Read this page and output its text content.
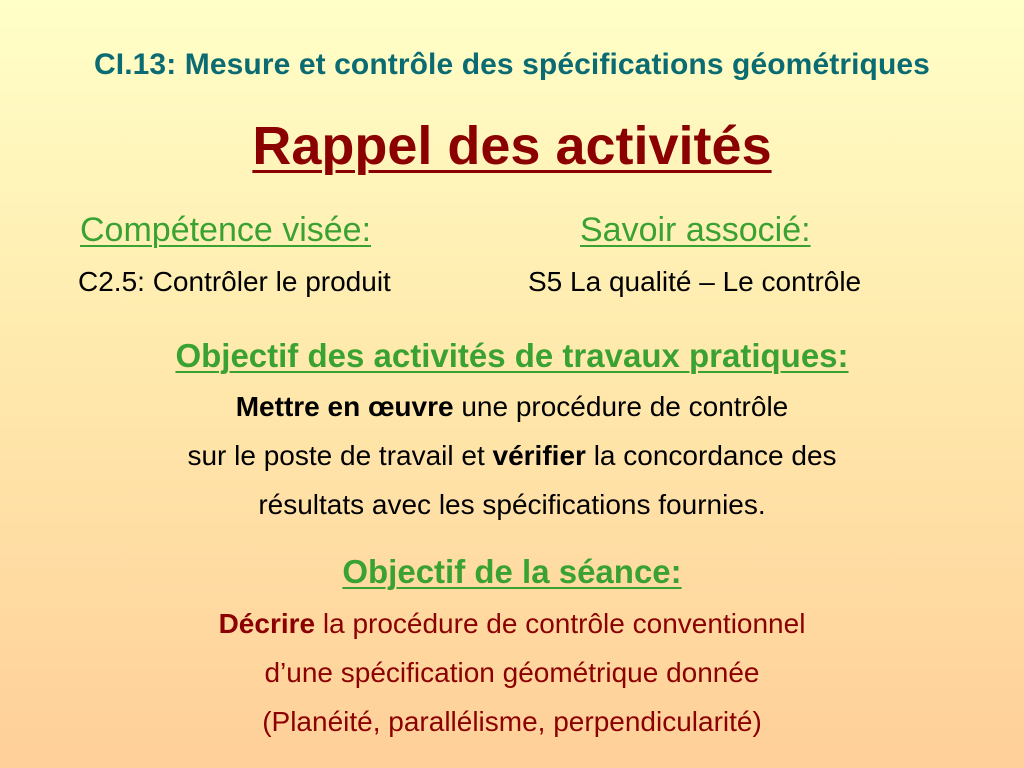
CI.13: Mesure et contrôle des spécifications géométriques
Rappel des activités
Compétence visée:	Savoir associé:
C2.5: Contrôler le produit	S5 La qualité – Le contrôle
Objectif des activités de travaux pratiques:
Mettre en œuvre une procédure de contrôle
sur le poste de travail et vérifier la concordance des
résultats avec les spécifications fournies.
Objectif de la séance:
Décrire la procédure de contrôle conventionnel
d’une spécification géométrique donnée
(Planéité, parallélisme, perpendicularité)
